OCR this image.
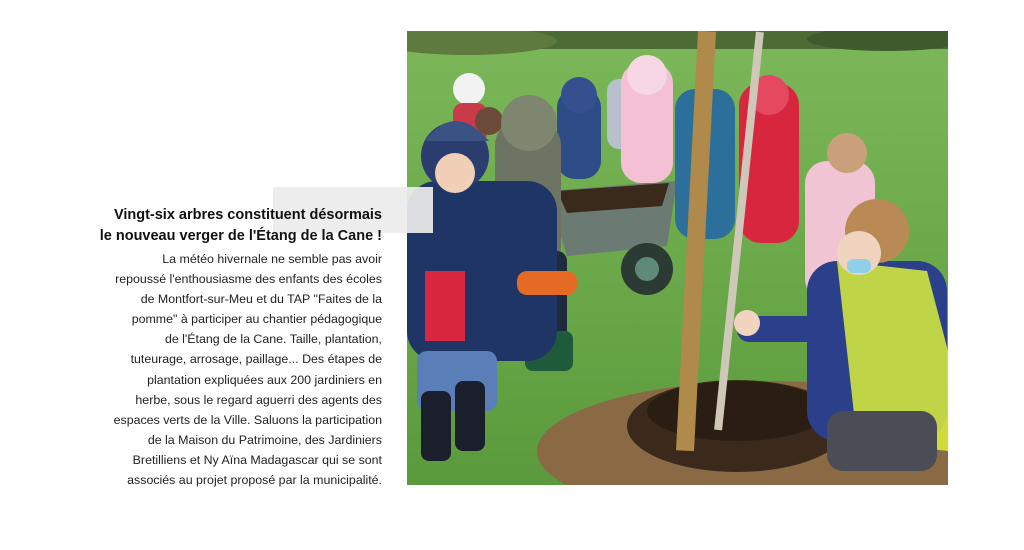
Vingt-six arbres constituent désormais
le nouveau verger de l'Étang de la Cane !

La météo hivernale ne semble pas avoir
repoussé l'enthousiasme des enfants des écoles
de Montfort-sur-Meu et du TAP "Faites de la
pomme" à participer au chantier pédagogique
de l'Étang de la Cane. Taille, plantation,
tuteurage, arrosage, paillage... Des étapes de
plantation expliquées aux 200 jardiniers en
herbe, sous le regard aguerri des agents des
espaces verts de la Ville. Saluons la participation
de la Maison du Patrimoine, des Jardiniers
Bretilliens et Ny Aïna Madagascar qui se sont
associés au projet proposé par la municipalité.
